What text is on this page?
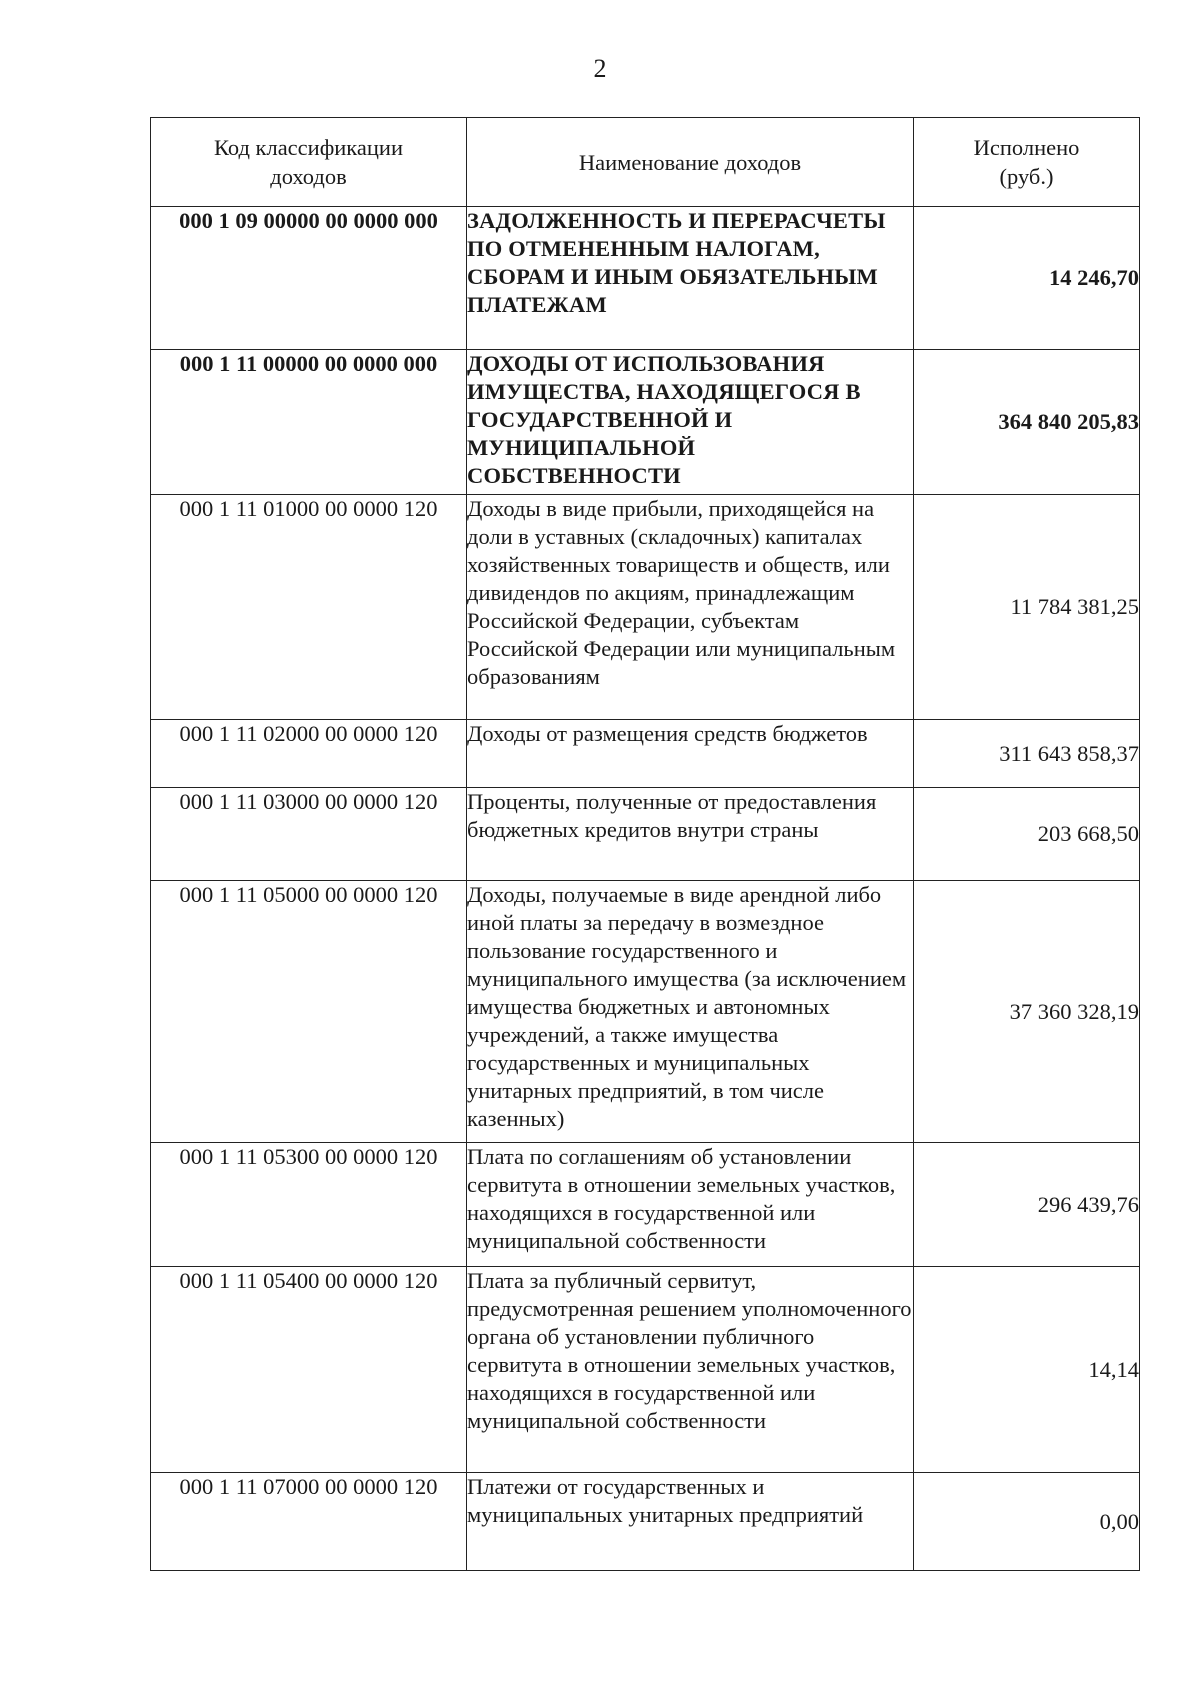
2
Код классификации
доходов	Наименование доходов	Исполнено
(руб.)
000 1 09 00000 00 0000 000	ЗАДОЛЖЕННОСТЬ И ПЕРЕРАСЧЕТЫ ПО ОТМЕНЕННЫМ НАЛОГАМ, СБОРАМ И ИНЫМ ОБЯЗАТЕЛЬНЫМ ПЛАТЕЖАМ	14 246,70
000 1 11 00000 00 0000 000	ДОХОДЫ ОТ ИСПОЛЬЗОВАНИЯ ИМУЩЕСТВА, НАХОДЯЩЕГОСЯ В ГОСУДАРСТВЕННОЙ И МУНИЦИПАЛЬНОЙ СОБСТВЕННОСТИ	364 840 205,83
000 1 11 01000 00 0000 120	Доходы в виде прибыли, приходящейся на доли в уставных (складочных) капиталах хозяйственных товариществ и обществ, или дивидендов по акциям, принадлежащим Российской Федерации, субъектам Российской Федерации или муниципальным образованиям	11 784 381,25
000 1 11 02000 00 0000 120	Доходы от размещения средств бюджетов	311 643 858,37
000 1 11 03000 00 0000 120	Проценты, полученные от предоставления бюджетных кредитов внутри страны	203 668,50
000 1 11 05000 00 0000 120	Доходы, получаемые в виде арендной либо иной платы за передачу в возмездное пользование государственного и муниципального имущества (за исключением имущества бюджетных и автономных учреждений, а также имущества государственных и муниципальных унитарных предприятий, в том числе казенных)	37 360 328,19
000 1 11 05300 00 0000 120	Плата по соглашениям об установлении сервитута в отношении земельных участков, находящихся в государственной или муниципальной собственности	296 439,76
000 1 11 05400 00 0000 120	Плата за публичный сервитут, предусмотренная решением уполномоченного органа об установлении публичного сервитута в отношении земельных участков, находящихся в государственной или муниципальной собственности	14,14
000 1 11 07000 00 0000 120	Платежи от государственных и муниципальных унитарных предприятий	0,00
